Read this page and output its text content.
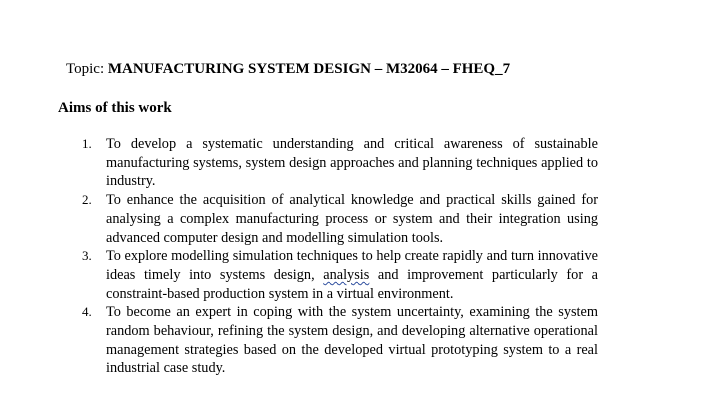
Topic: MANUFACTURING SYSTEM DESIGN – M32064 – FHEQ_7
Aims of this work
1. To develop a systematic understanding and critical awareness of sustainable manufacturing systems, system design approaches and planning techniques applied to industry.
2. To enhance the acquisition of analytical knowledge and practical skills gained for analysing a complex manufacturing process or system and their integration using advanced computer design and modelling simulation tools.
3. To explore modelling simulation techniques to help create rapidly and turn innovative ideas timely into systems design, analysis and improvement particularly for a constraint-based production system in a virtual environment.
4. To become an expert in coping with the system uncertainty, examining the system random behaviour, refining the system design, and developing alternative operational management strategies based on the developed virtual prototyping system to a real industrial case study.
